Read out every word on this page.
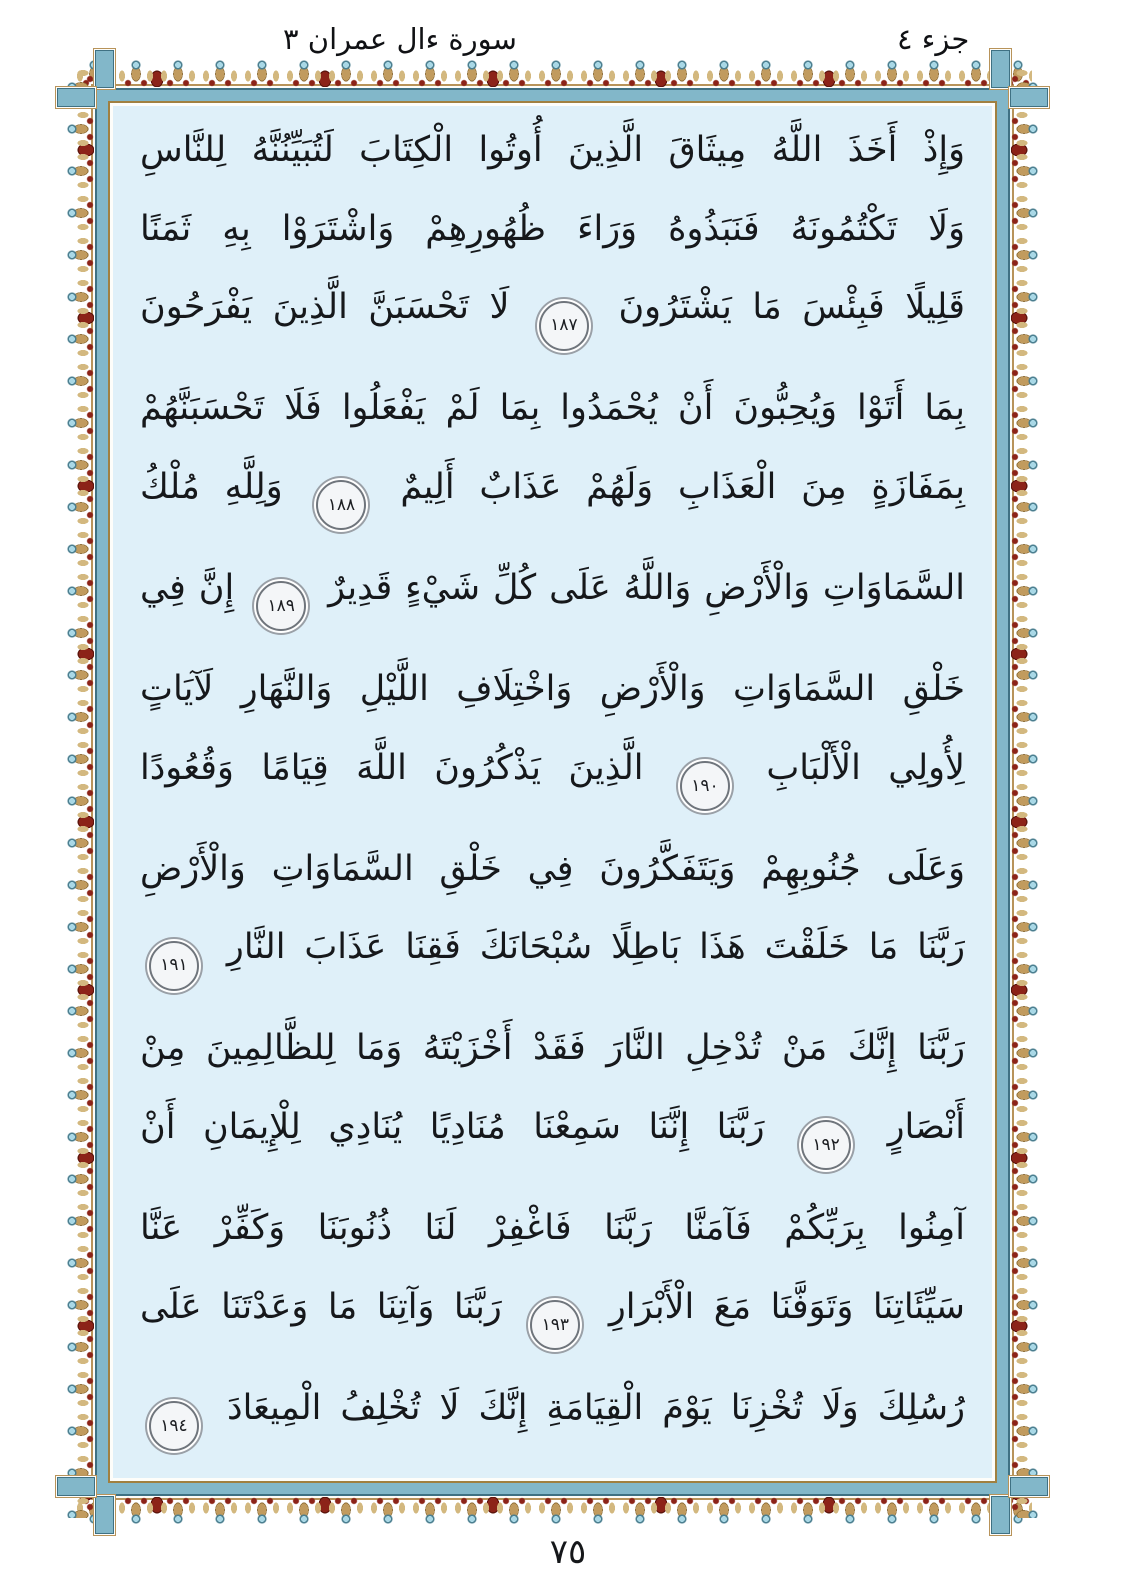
سورة ءال عمران ٣	جزء ٤
وَإِذْ أَخَذَ اللَّهُ مِيثَاقَ الَّذِينَ أُوتُوا الْكِتَابَ لَتُبَيِّنُنَّهُ لِلنَّاسِ
وَلَا تَكْتُمُونَهُ فَنَبَذُوهُ وَرَاءَ ظُهُورِهِمْ وَاشْتَرَوْا بِهِ ثَمَنًا
قَلِيلًا فَبِئْسَ مَا يَشْتَرُونَ ١٨٧ لَا تَحْسَبَنَّ الَّذِينَ يَفْرَحُونَ
بِمَا أَتَوْا وَيُحِبُّونَ أَنْ يُحْمَدُوا بِمَا لَمْ يَفْعَلُوا فَلَا تَحْسَبَنَّهُمْ
بِمَفَازَةٍ مِنَ الْعَذَابِ وَلَهُمْ عَذَابٌ أَلِيمٌ ١٨٨ وَلِلَّهِ مُلْكُ
السَّمَاوَاتِ وَالْأَرْضِ وَاللَّهُ عَلَى كُلِّ شَيْءٍ قَدِيرٌ ١٨٩ إِنَّ فِي
خَلْقِ السَّمَاوَاتِ وَالْأَرْضِ وَاخْتِلَافِ اللَّيْلِ وَالنَّهَارِ لَآيَاتٍ
لِأُولِي الْأَلْبَابِ ١٩٠ الَّذِينَ يَذْكُرُونَ اللَّهَ قِيَامًا وَقُعُودًا
وَعَلَى جُنُوبِهِمْ وَيَتَفَكَّرُونَ فِي خَلْقِ السَّمَاوَاتِ وَالْأَرْضِ
رَبَّنَا مَا خَلَقْتَ هَذَا بَاطِلًا سُبْحَانَكَ فَقِنَا عَذَابَ النَّارِ ١٩١
رَبَّنَا إِنَّكَ مَنْ تُدْخِلِ النَّارَ فَقَدْ أَخْزَيْتَهُ وَمَا لِلظَّالِمِينَ مِنْ
أَنْصَارٍ ١٩٢ رَبَّنَا إِنَّنَا سَمِعْنَا مُنَادِيًا يُنَادِي لِلْإِيمَانِ أَنْ
آمِنُوا بِرَبِّكُمْ فَآمَنَّا رَبَّنَا فَاغْفِرْ لَنَا ذُنُوبَنَا وَكَفِّرْ عَنَّا
سَيِّئَاتِنَا وَتَوَفَّنَا مَعَ الْأَبْرَارِ ١٩٣ رَبَّنَا وَآتِنَا مَا وَعَدْتَنَا عَلَى
رُسُلِكَ وَلَا تُخْزِنَا يَوْمَ الْقِيَامَةِ إِنَّكَ لَا تُخْلِفُ الْمِيعَادَ ١٩٤
٧٥
